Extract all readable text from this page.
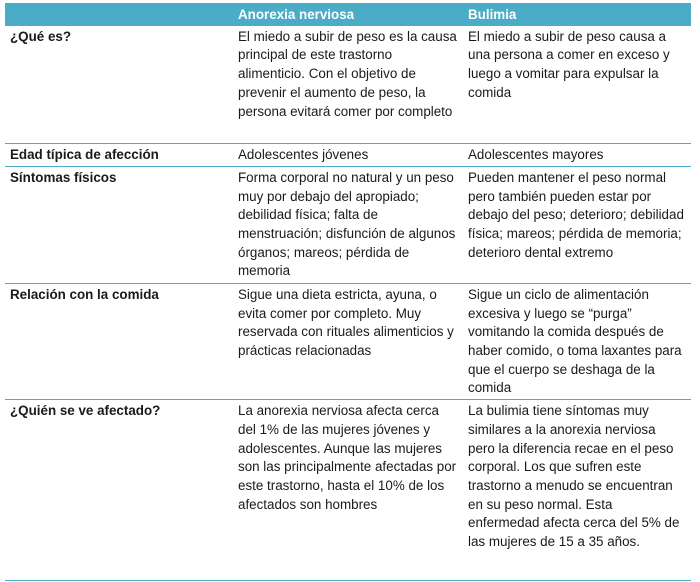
	Anorexia nerviosa	Bulimia
¿Qué es?	El miedo a subir de peso es la causa principal de este trastorno alimenticio. Con el objetivo de prevenir el aumento de peso, la persona evitará comer por completo	El miedo a subir de peso causa a una persona a comer en exceso y luego a vomitar para expulsar la comida
Edad típica de afección	Adolescentes jóvenes	Adolescentes mayores
Síntomas físicos	Forma corporal no natural y un peso muy por debajo del apropiado; debilidad física; falta de menstruación; disfunción de algunos órganos; mareos; pérdida de memoria	Pueden mantener el peso normal pero también pueden estar por debajo del peso; deterioro; debilidad física; mareos; pérdida de memoria; deterioro dental extremo
Relación con la comida	Sigue una dieta estricta, ayuna, o evita comer por completo. Muy reservada con rituales alimenticios y prácticas relacionadas	Sigue un ciclo de alimentación excesiva y luego se “purga” vomitando la comida después de haber comido, o toma laxantes para que el cuerpo se deshaga de la comida
¿Quién se ve afectado?	La anorexia nerviosa afecta cerca del 1% de las mujeres jóvenes y adolescentes. Aunque las mujeres son las principalmente afectadas por este trastorno, hasta el 10% de los afectados son hombres	La bulimia tiene síntomas muy similares a la anorexia nerviosa pero la diferencia recae en el peso corporal. Los que sufren este trastorno a menudo se encuentran en su peso normal. Esta enfermedad afecta cerca del 5% de las mujeres de 15 a 35 años.
